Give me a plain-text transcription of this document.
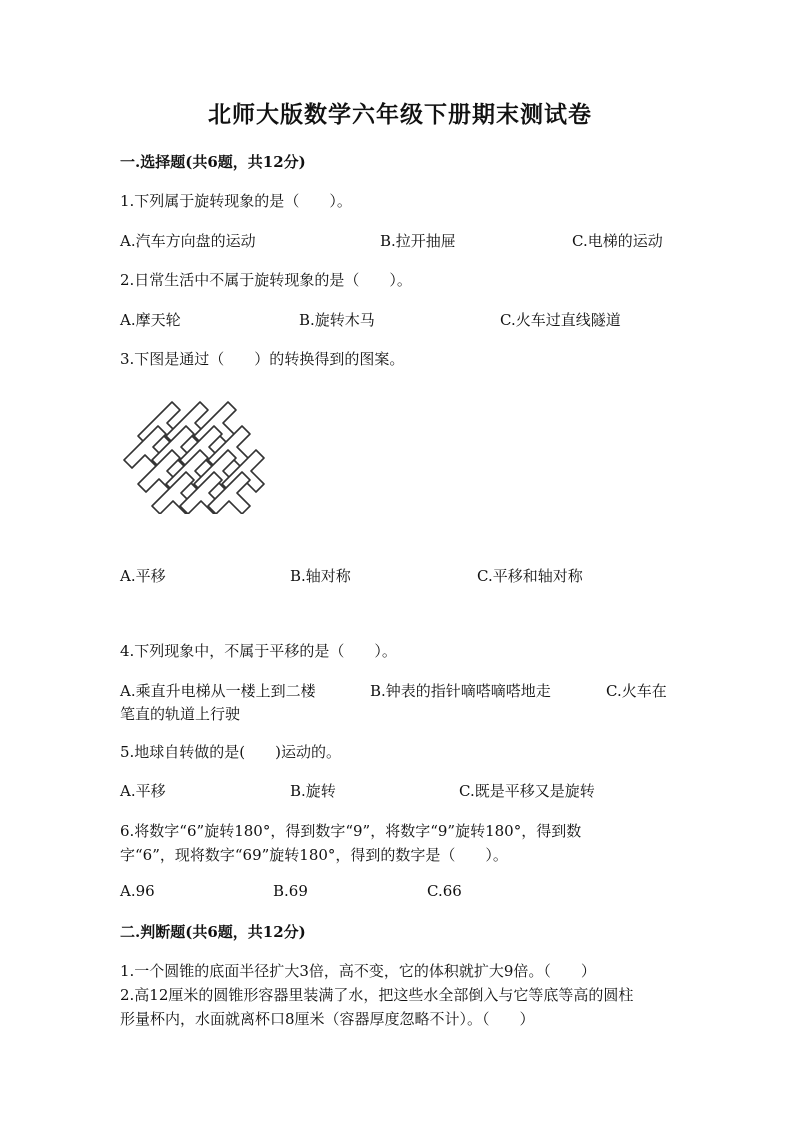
北师大版数学六年级下册期末测试卷
一.选择题(共6题，共12分)
1.下列属于旋转现象的是（　　）。
A.汽车方向盘的运动	B.拉开抽屉	C.电梯的运动
2.日常生活中不属于旋转现象的是（　　）。
A.摩天轮	B.旋转木马	C.火车过直线隧道
3.下图是通过（　　）的转换得到的图案。
A.平移	B.轴对称	C.平移和轴对称
4.下列现象中，不属于平移的是（　　）。
A.乘直升电梯从一楼上到二楼	B.钟表的指针嘀嗒嘀嗒地走	C.火车在
笔直的轨道上行驶
5.地球自转做的是(　　)运动的。
A.平移	B.旋转	C.既是平移又是旋转
6.将数字“6”旋转180°，得到数字“9”，将数字“9”旋转180°，得到数
字“6”，现将数字“69”旋转180°，得到的数字是（　　）。
A.96	B.69	C.66
二.判断题(共6题，共12分)
1.一个圆锥的底面半径扩大3倍，高不变，它的体积就扩大9倍。（　　）
2.高12厘米的圆锥形容器里装满了水，把这些水全部倒入与它等底等高的圆柱
形量杯内，水面就离杯口8厘米（容器厚度忽略不计）。（　　）
